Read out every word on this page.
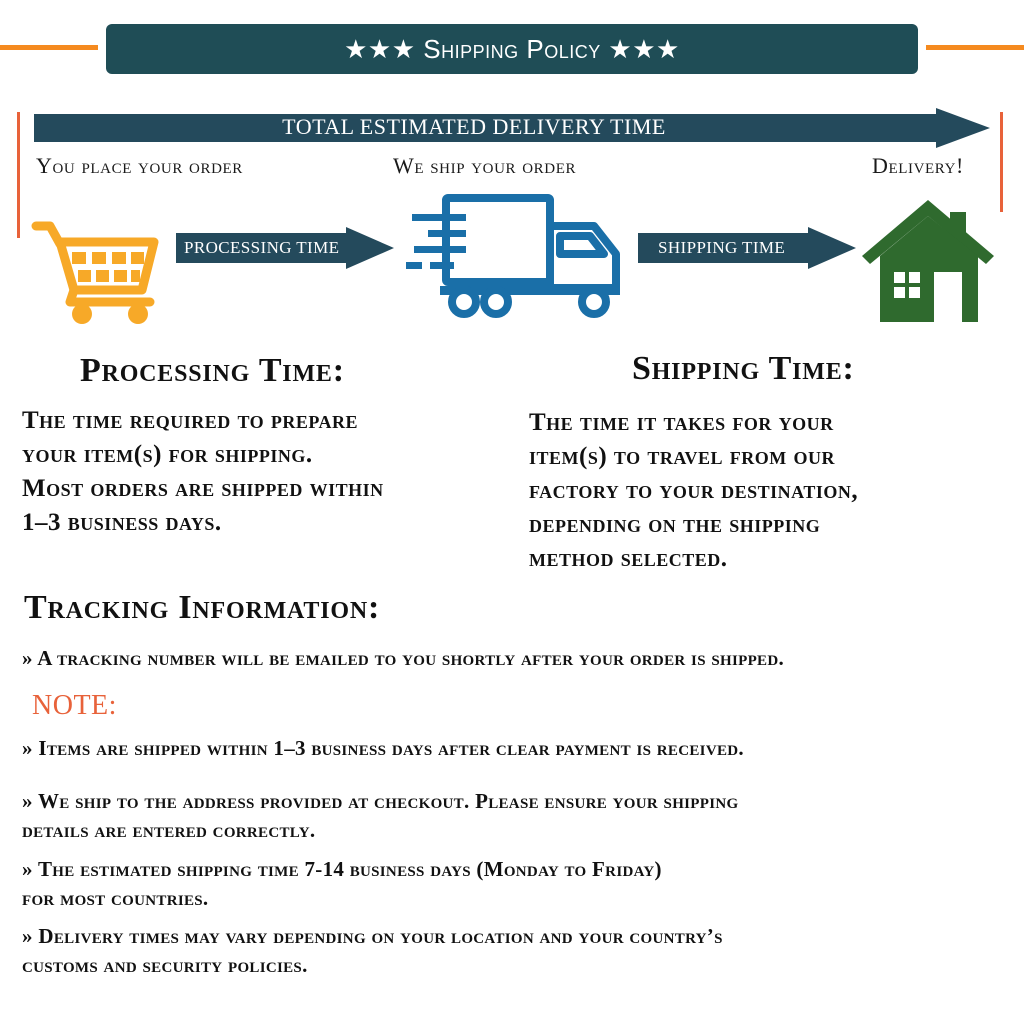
★★★ Shipping Policy ★★★
TOTAL ESTIMATED DELIVERY TIME
You place your order	We ship your order	Delivery!
PROCESSING TIME	SHIPPING TIME
Processing Time:
The time required to prepare
your item(s) for shipping.
Most orders are shipped within
1–3 business days.
Shipping Time:
The time it takes for your
item(s) to travel from our
factory to your destination,
depending on the shipping
method selected.
Tracking Information:
» A tracking number will be emailed to you shortly after your order is shipped.
NOTE:
» Items are shipped within 1–3 business days after clear payment is received.
» We ship to the address provided at checkout. Please ensure your shipping
details are entered correctly.
» The estimated shipping time 7-14 business days (Monday to Friday)
for most countries.
» Delivery times may vary depending on your location and your country’s
customs and security policies.
